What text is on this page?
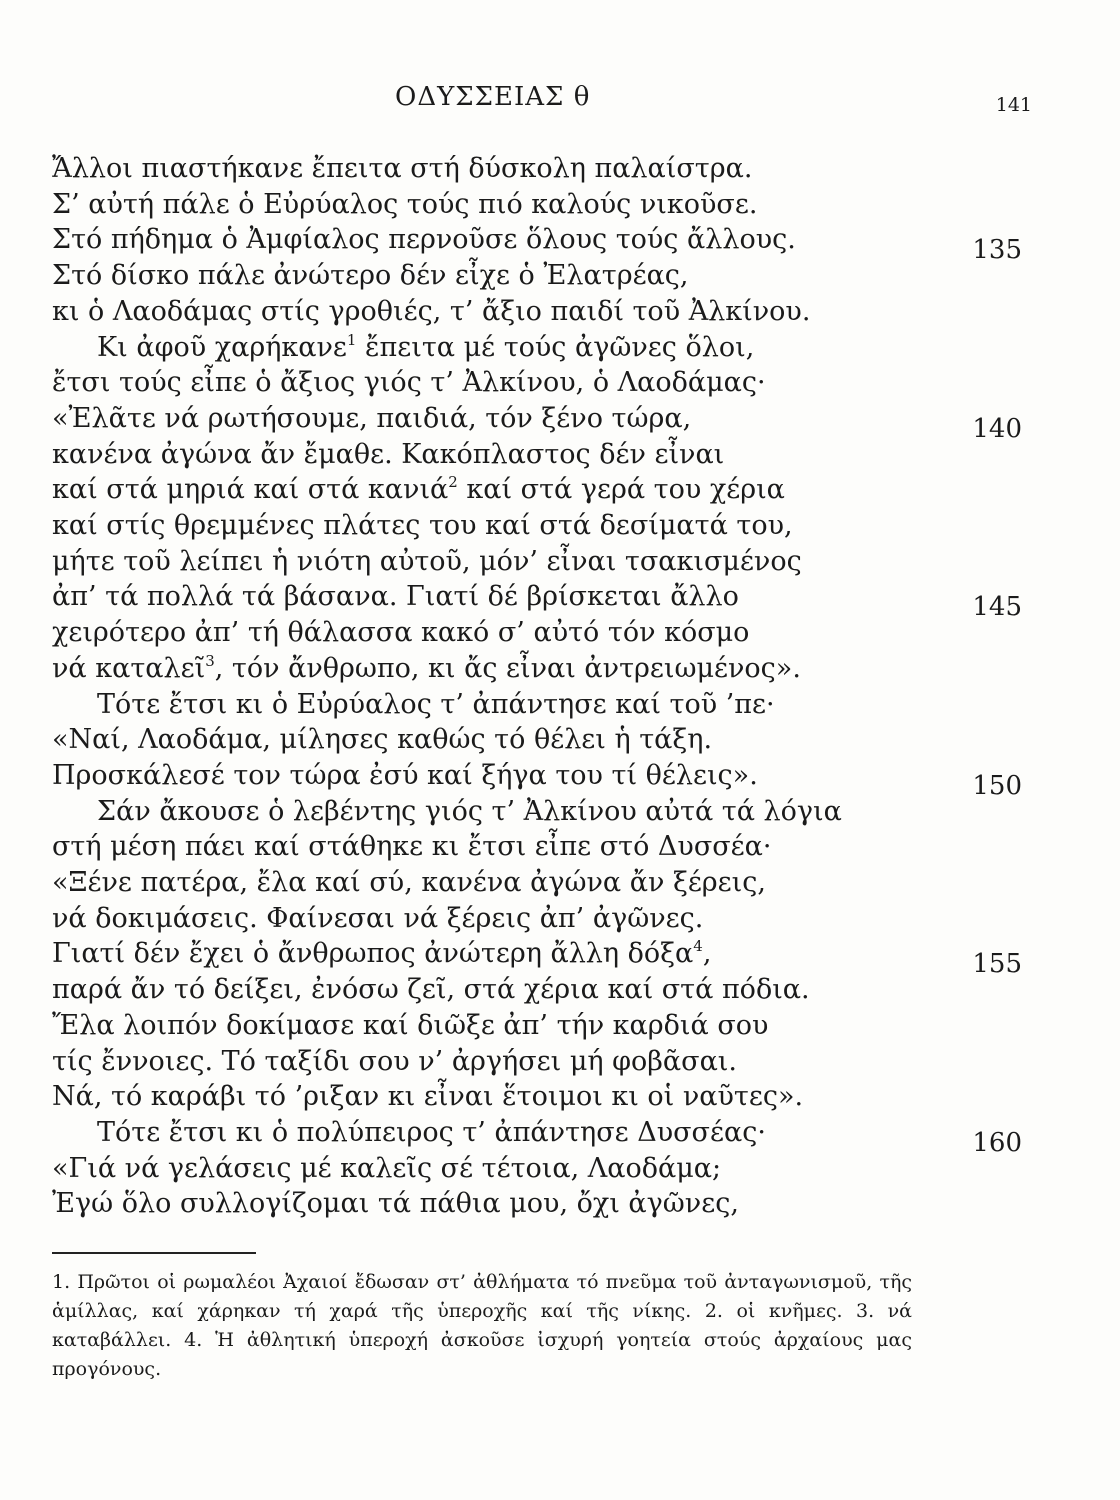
ΟΔΥΣΣΕΙΑΣ θ	141
Ἄλλοι πιαστήκανε ἔπειτα στή δύσκολη παλαίστρα.
Σ’ αὐτή πάλε ὁ Εὐρύαλος τούς πιό καλούς νικοῦσε.
Στό πήδημα ὁ Ἀμφίαλος περνοῦσε ὅλους τούς ἄλλους.	135
Στό δίσκο πάλε ἀνώτερο δέν εἶχε ὁ Ἐλατρέας,
κι ὁ Λαοδάμας στίς γροθιές, τ’ ἄξιο παιδί τοῦ Ἀλκίνου.
Κι ἀφοῦ χαρήκανε$^1$ ἔπειτα μέ τούς ἀγῶνες ὅλοι,
ἔτσι τούς εἶπε ὁ ἄξιος γιός τ’ Ἀλκίνου, ὁ Λαοδάμας·
«Ἐλᾶτε νά ρωτήσουμε, παιδιά, τόν ξένο τώρα,	140
κανένα ἀγώνα ἄν ἔμαθε. Κακόπλαστος δέν εἶναι
καί στά μηριά καί στά κανιά$^2$ καί στά γερά του χέρια
καί στίς θρεμμένες πλάτες του καί στά δεσίματά του,
μήτε τοῦ λείπει ἡ νιότη αὐτοῦ, μόν’ εἶναι τσακισμένος
ἀπ’ τά πολλά τά βάσανα. Γιατί δέ βρίσκεται ἄλλο	145
χειρότερο ἀπ’ τή θάλασσα κακό σ’ αὐτό τόν κόσμο
νά καταλεῖ$^3$, τόν ἄνθρωπο, κι ἄς εἶναι ἀντρειωμένος».
Τότε ἔτσι κι ὁ Εὐρύαλος τ’ ἀπάντησε καί τοῦ ’πε·
«Ναί, Λαοδάμα, μίλησες καθώς τό θέλει ἡ τάξη.
Προσκάλεσέ τον τώρα ἐσύ καί ξήγα του τί θέλεις».	150
Σάν ἄκουσε ὁ λεβέντης γιός τ’ Ἀλκίνου αὐτά τά λόγια
στή μέση πάει καί στάθηκε κι ἔτσι εἶπε στό Δυσσέα·
«Ξένε πατέρα, ἔλα καί σύ, κανένα ἀγώνα ἄν ξέρεις,
νά δοκιμάσεις. Φαίνεσαι νά ξέρεις ἀπ’ ἀγῶνες.
Γιατί δέν ἔχει ὁ ἄνθρωπος ἀνώτερη ἄλλη δόξα$^4$,	155
παρά ἄν τό δείξει, ἐνόσω ζεῖ, στά χέρια καί στά πόδια.
Ἔλα λοιπόν δοκίμασε καί διῶξε ἀπ’ τήν καρδιά σου
τίς ἔννοιες. Τό ταξίδι σου ν’ ἀργήσει μή φοβᾶσαι.
Νά, τό καράβι τό ’ριξαν κι εἶναι ἕτοιμοι κι οἱ ναῦτες».
Τότε ἔτσι κι ὁ πολύπειρος τ’ ἀπάντησε Δυσσέας·	160
«Γιά νά γελάσεις μέ καλεῖς σέ τέτοια, Λαοδάμα;
Ἐγώ ὅλο συλλογίζομαι τά πάθια μου, ὄχι ἀγῶνες,
1. Πρῶτοι οἱ ρωμαλέοι Ἀχαιοί ἔδωσαν στ’ ἀθλήματα τό πνεῦμα τοῦ ἀνταγωνισμοῦ, τῆς ἁμίλλας, καί χάρηκαν τή χαρά τῆς ὑπεροχῆς καί τῆς νίκης. 2. οἱ κνῆμες. 3. νά καταβάλλει. 4. Ἡ ἀθλητική ὑπεροχή ἀσκοῦσε ἰσχυρή γοητεία στούς ἀρχαίους μας προγόνους.
